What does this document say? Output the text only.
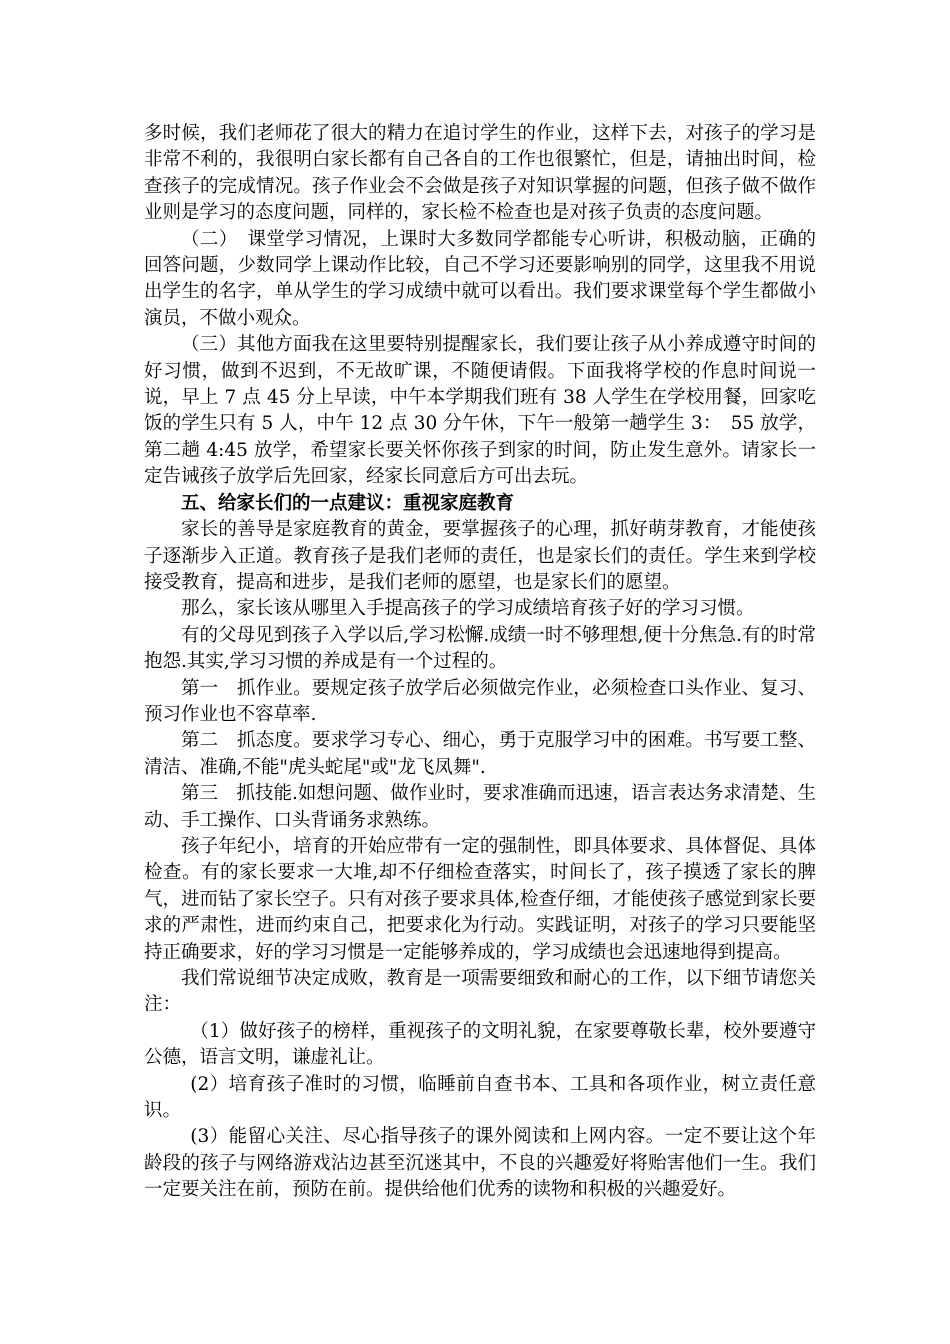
多时候，我们老师花了很大的精力在追讨学生的作业，这样下去，对孩子的学习是非常不利的，我很明白家长都有自己各自的工作也很繁忙，但是，请抽出时间，检查孩子的完成情况。孩子作业会不会做是孩子对知识掌握的问题，但孩子做不做作业则是学习的态度问题，同样的，家长检不检查也是对孩子负责的态度问题。

（二）　课堂学习情况，上课时大多数同学都能专心听讲，积极动脑，正确的回答问题，少数同学上课动作比较，自己不学习还要影响别的同学，这里我不用说出学生的名字，单从学生的学习成绩中就可以看出。我们要求课堂每个学生都做小演员，不做小观众。

（三）其他方面我在这里要特别提醒家长，我们要让孩子从小养成遵守时间的好习惯，做到不迟到，不无故旷课，不随便请假。下面我将学校的作息时间说一说，早上 7 点 45 分上早读，中午本学期我们班有 38 人学生在学校用餐，回家吃饭的学生只有 5 人，中午 12 点 30 分午休，下午一般第一趟学生 3：　55 放学，第二趟 4:45 放学，希望家长要关怀你孩子到家的时间，防止发生意外。请家长一定告诫孩子放学后先回家，经家长同意后方可出去玩。

五、给家长们的一点建议：重视家庭教育

家长的善导是家庭教育的黄金，要掌握孩子的心理，抓好萌芽教育，才能使孩子逐渐步入正道。教育孩子是我们老师的责任，也是家长们的责任。学生来到学校接受教育，提高和进步，是我们老师的愿望，也是家长们的愿望。

那么，家长该从哪里入手提高孩子的学习成绩培育孩子好的学习习惯。

有的父母见到孩子入学以后,学习松懈.成绩一时不够理想,便十分焦急.有的时常抱怨.其实,学习习惯的养成是有一个过程的。

第一　抓作业。要规定孩子放学后必须做完作业，必须检查口头作业、复习、预习作业也不容草率.

第二　抓态度。要求学习专心、细心，勇于克服学习中的困难。书写要工整、清洁、准确,不能"虎头蛇尾"或"龙飞凤舞".

第三　抓技能.如想问题、做作业时，要求准确而迅速，语言表达务求清楚、生动、手工操作、口头背诵务求熟练。

孩子年纪小，培育的开始应带有一定的强制性，即具体要求、具体督促、具体检查。有的家长要求一大堆,却不仔细检查落实，时间长了，孩子摸透了家长的脾气，进而钻了家长空子。只有对孩子要求具体,检查仔细，才能使孩子感觉到家长要求的严肃性，进而约束自己，把要求化为行动。实践证明，对孩子的学习只要能坚持正确要求，好的学习习惯是一定能够养成的，学习成绩也会迅速地得到提高。

我们常说细节决定成败，教育是一项需要细致和耐心的工作，以下细节请您关注：

（1）做好孩子的榜样，重视孩子的文明礼貌，在家要尊敬长辈，校外要遵守公德，语言文明，谦虚礼让。

(2）培育孩子准时的习惯，临睡前自查书本、工具和各项作业，树立责任意识。

(3）能留心关注、尽心指导孩子的课外阅读和上网内容。一定不要让这个年龄段的孩子与网络游戏沾边甚至沉迷其中，不良的兴趣爱好将贻害他们一生。我们一定要关注在前，预防在前。提供给他们优秀的读物和积极的兴趣爱好。
